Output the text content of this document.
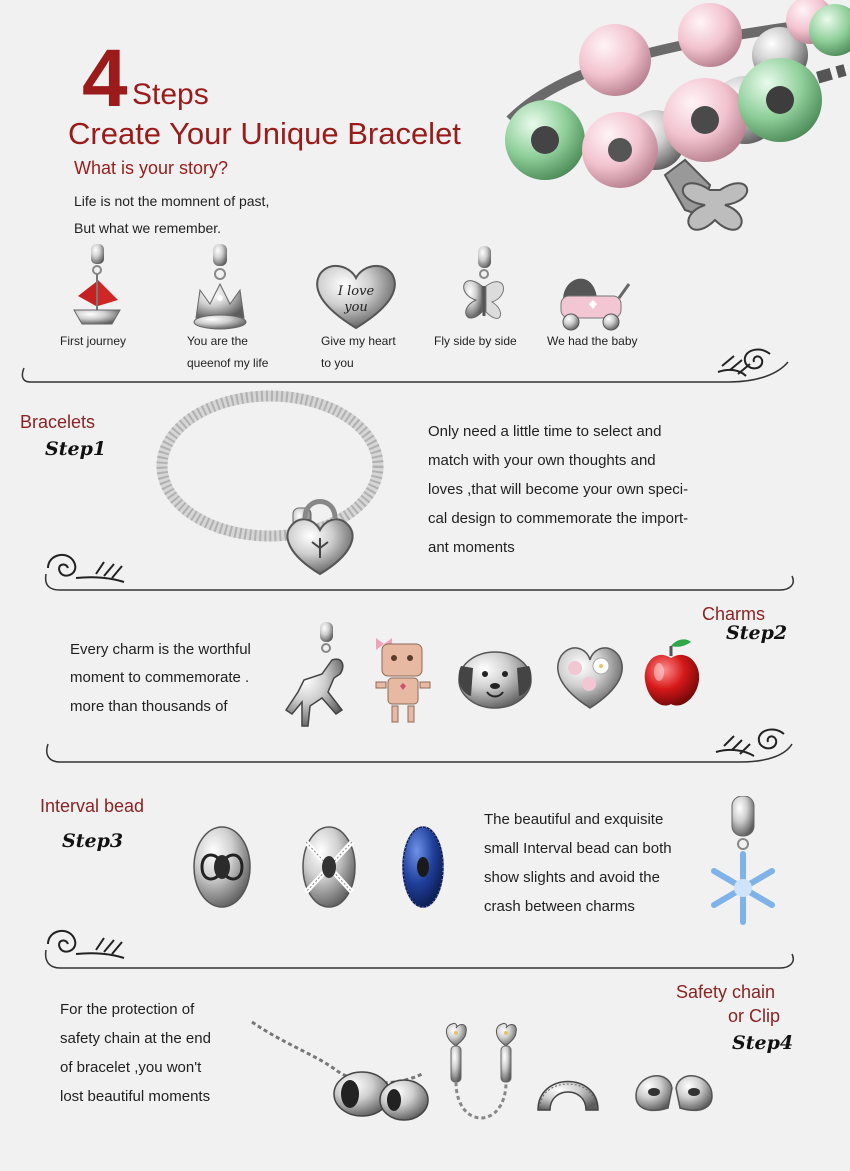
4 Steps
Create Your Unique Bracelet
What is your story?
Life is not the momnent of past,
But what we remember.
First journey	You are the
queenof my life
I love
you
Give my heart
to you
Fly side by side	We had the baby
Bracelets
Step1
Only need a little time to select and
match with your own thoughts and
loves ,that will become your own speci-
cal design to commemorate the import-
ant moments
Charms
Step2
Every charm is the worthful
moment to commemorate .
more than thousands of
Interval bead
Step3
The beautiful and exquisite
small Interval bead can both
show slights and avoid the
crash between charms
Safety chain
or Clip
Step4
For the protection of
safety chain at the end
of bracelet ,you won't
lost beautiful moments
